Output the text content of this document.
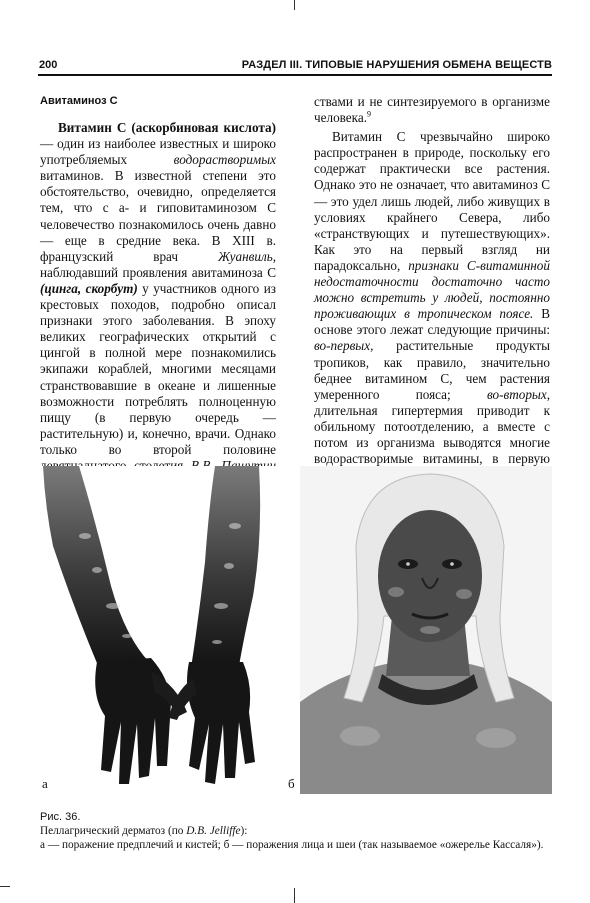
200	РАЗДЕЛ III. ТИПОВЫЕ НАРУШЕНИЯ ОБМЕНА ВЕЩЕСТВ
Авитаминоз С

Витамин С (аскорбиновая кислота) — один из наиболее известных и широко употребляемых водорастворимых витаминов. В известной степени это обстоятельство, очевидно, определяется тем, что с а- и гиповитаминозом С человечество познакомилось очень давно — еще в средние века. В XIII в. французский врач Жуанвиль, наблюдавший проявления авитаминоза С (цинга, скорбут) у участников одного из крестовых походов, подробно описал признаки этого заболевания. В эпоху великих географических открытий с цингой в полной мере познакомились экипажи кораблей, многими месяцами странствовавшие в океане и лишенные возможности потреблять полноценную пищу (в первую очередь — растительную) и, конечно, врачи. Однако только во второй половине

ствами и не синтезируемого в организме человека.$^9$

Витамин С чрезвычайно широко распространен в природе, поскольку его содержат практически все растения. Однако это не означает, что авитаминоз С — это удел лишь людей, либо живущих в условиях крайнего Севера, либо «странствующих и путешествующих». Как это на первый взгляд ни парадоксально, признаки С-витаминной недостаточности достаточно часто можно встретить у людей, постоянно проживающих в тропическом поясе. В основе этого лежат следующие причины: во-первых, растительные продукты тропиков, как правило, значительно беднее витамином С, чем растения умеренного пояса; во-вторых, длительная гипертермия приводит к обильному потоотделению, а вместе с потом из организма выводятся многие водорастворимые витамины, в первую

а	б
Рис. 36.
Пеллагрический дерматоз (по D.B. Jelliffe):
а — поражение предплечий и кистей; б — поражения лица и шеи (так называемое «ожерелье Кассаля»).
